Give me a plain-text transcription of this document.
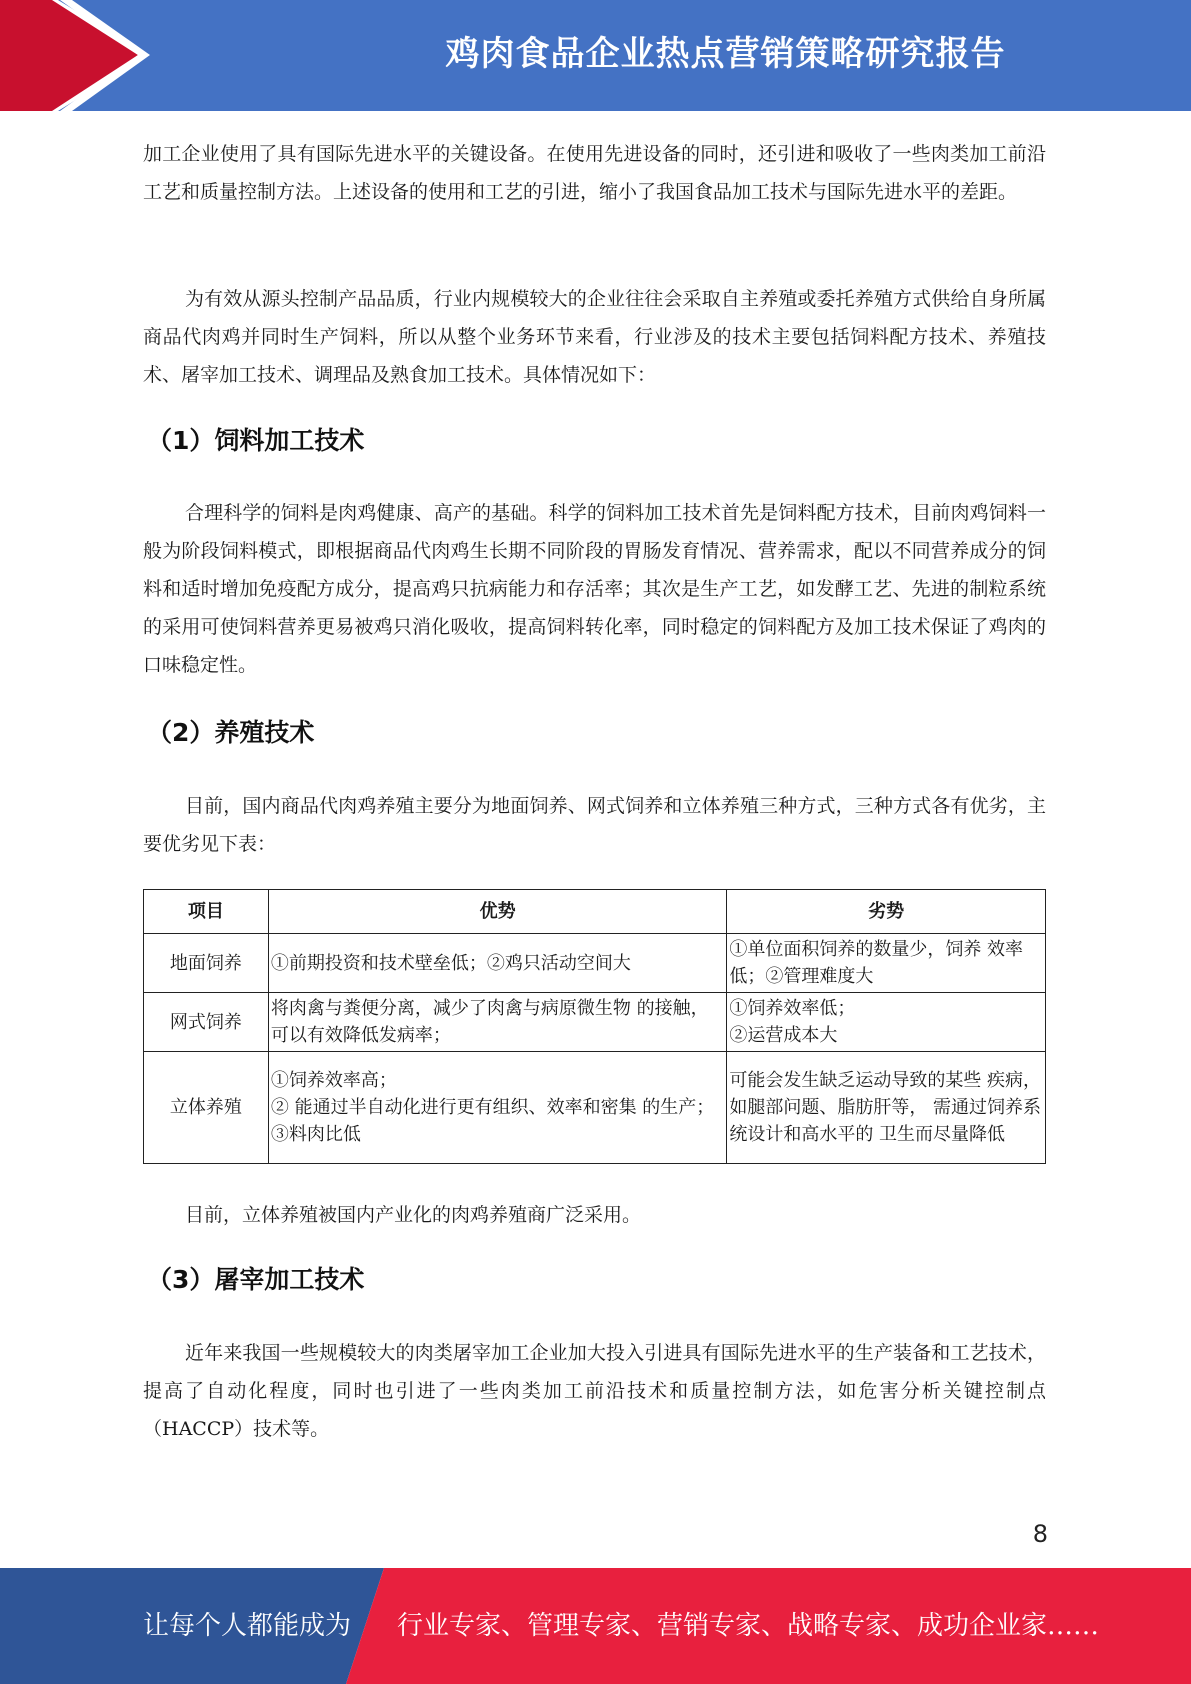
鸡肉食品企业热点营销策略研究报告

加工企业使用了具有国际先进水平的关键设备。在使用先进设备的同时，还引进和吸收了一些肉类加工前沿工艺和质量控制方法。上述设备的使用和工艺的引进，缩小了我国食品加工技术与国际先进水平的差距。

为有效从源头控制产品品质，行业内规模较大的企业往往会采取自主养殖或委托养殖方式供给自身所属商品代肉鸡并同时生产饲料，所以从整个业务环节来看，行业涉及的技术主要包括饲料配方技术、养殖技术、屠宰加工技术、调理品及熟食加工技术。具体情况如下：

（1）饲料加工技术

合理科学的饲料是肉鸡健康、高产的基础。科学的饲料加工技术首先是饲料配方技术，目前肉鸡饲料一般为阶段饲料模式，即根据商品代肉鸡生长期不同阶段的胃肠发育情况、营养需求，配以不同营养成分的饲料和适时增加免疫配方成分，提高鸡只抗病能力和存活率；其次是生产工艺，如发酵工艺、先进的制粒系统的采用可使饲料营养更易被鸡只消化吸收，提高饲料转化率，同时稳定的饲料配方及加工技术保证了鸡肉的口味稳定性。

（2）养殖技术

目前，国内商品代肉鸡养殖主要分为地面饲养、网式饲养和立体养殖三种方式，三种方式各有优劣，主要优劣见下表：

项目	优势	劣势
地面饲养	①前期投资和技术壁垒低；②鸡只活动空间大	①单位面积饲养的数量少，饲养 效率低；②管理难度大

网式饲养	将肉禽与粪便分离，减少了肉禽与病原微生物 的接触，可以有效降低发病率；	①饲养效率低；
②运营成本大

立体养殖	①饲养效率高；
② 能通过半自动化进行更有组织、效率和密集 的生产；
③料肉比低	可能会发生缺乏运动导致的某些 疾病，如腿部问题、脂肪肝等， 需通过饲养系统设计和高水平的 卫生而尽量降低

目前，立体养殖被国内产业化的肉鸡养殖商广泛采用。

（3）屠宰加工技术

近年来我国一些规模较大的肉类屠宰加工企业加大投入引进具有国际先进水平的生产装备和工艺技术，提高了自动化程度，同时也引进了一些肉类加工前沿技术和质量控制方法，如危害分析关键控制点（HACCP）技术等。

8
让每个人都能成为 行业专家、管理专家、营销专家、战略专家、成功企业家……
